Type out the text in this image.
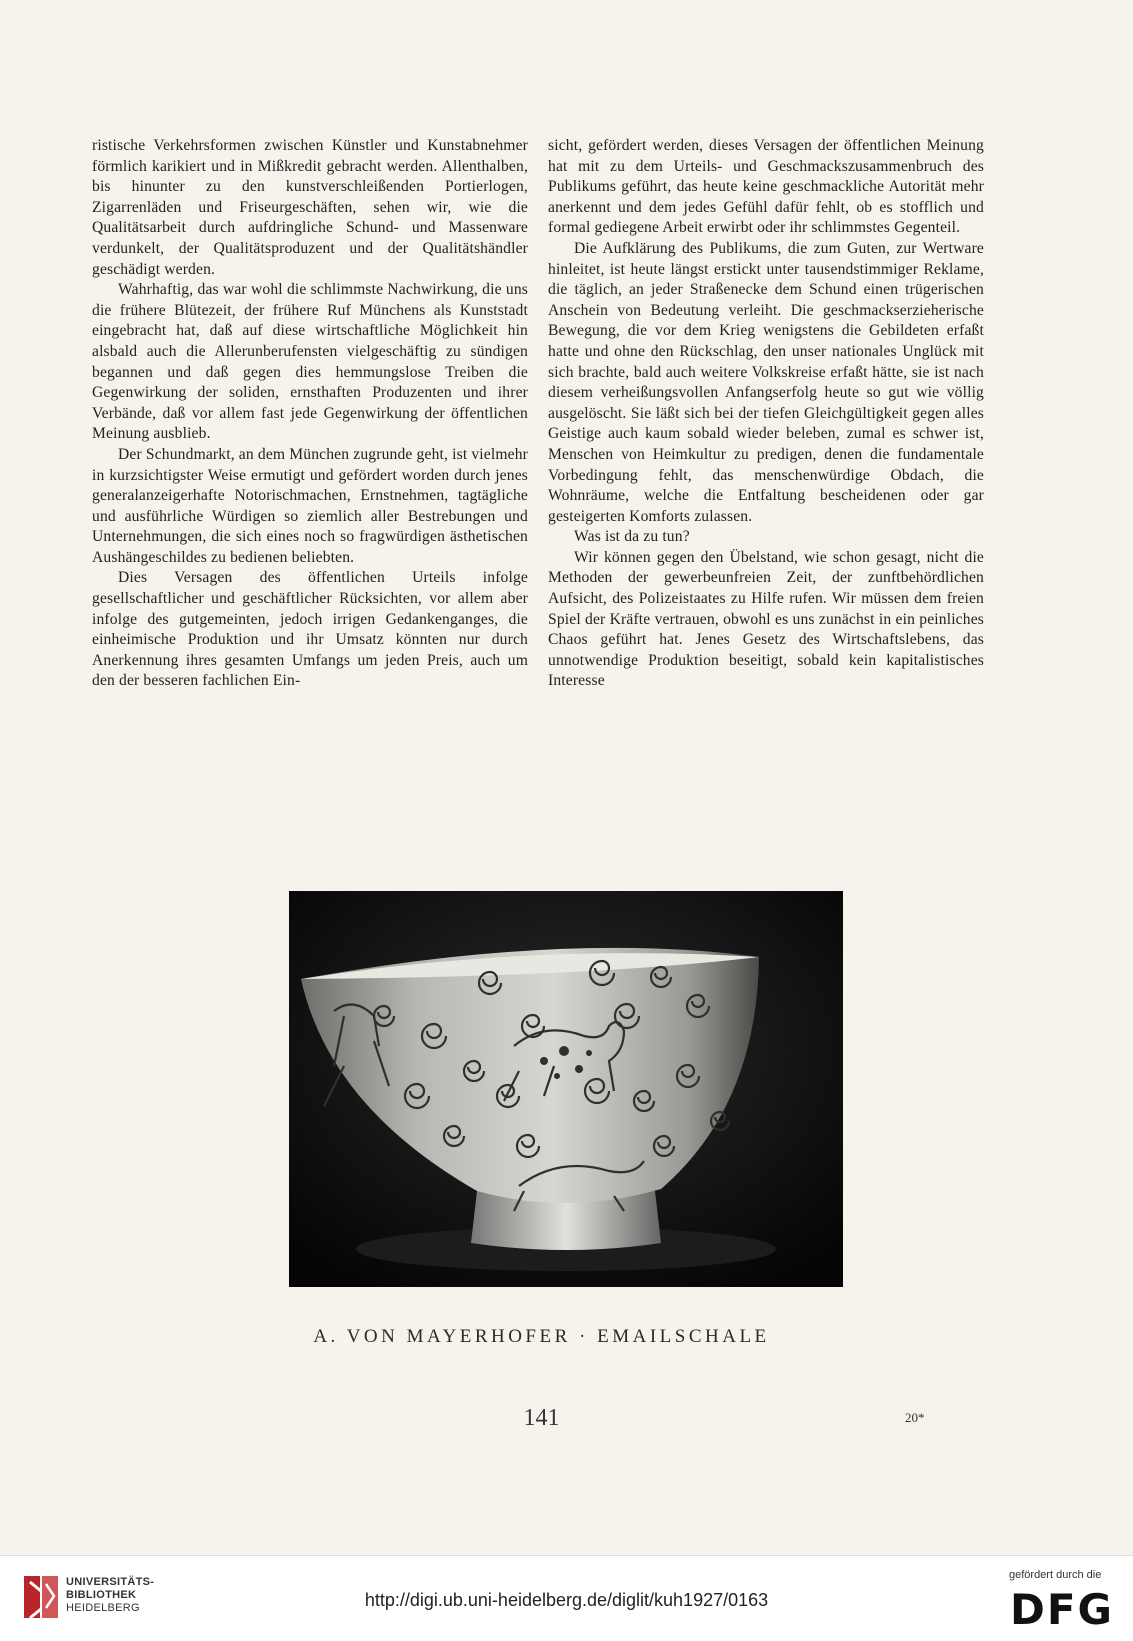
ristische Verkehrsformen zwischen Künstler und Kunstabnehmer förmlich karikiert und in Mißkredit gebracht werden. Allenthalben, bis hinunter zu den kunstverschleißenden Portierlogen, Zigarrenläden und Friseurgeschäften, sehen wir, wie die Qualitätsarbeit durch aufdringliche Schund- und Massenware verdunkelt, der Qualitätsproduzent und der Qualitätshändler geschädigt werden.

Wahrhaftig, das war wohl die schlimmste Nachwirkung, die uns die frühere Blütezeit, der frühere Ruf Münchens als Kunststadt eingebracht hat, daß auf diese wirtschaftliche Möglichkeit hin alsbald auch die Allerunberufensten vielgeschäftig zu sündigen begannen und daß gegen dies hemmungslose Treiben die Gegenwirkung der soliden, ernsthaften Produzenten und ihrer Verbände, daß vor allem fast jede Gegenwirkung der öffentlichen Meinung ausblieb.

Der Schundmarkt, an dem München zugrunde geht, ist vielmehr in kurzsichtigster Weise ermutigt und gefördert worden durch jenes generalanzeigerhafte Notorischmachen, Ernstnehmen, tagtägliche und ausführliche Würdigen so ziemlich aller Bestrebungen und Unternehmungen, die sich eines noch so fragwürdigen ästhetischen Aushängeschildes zu bedienen beliebten.

Dies Versagen des öffentlichen Urteils infolge gesellschaftlicher und geschäftlicher Rücksichten, vor allem aber infolge des gutgemeinten, jedoch irrigen Gedankenganges, die einheimische Produktion und ihr Umsatz könnten nur durch Anerkennung ihres gesamten Umfangs um jeden Preis, auch um den der besseren fachlichen Ein-

sicht, gefördert werden, dieses Versagen der öffentlichen Meinung hat mit zu dem Urteils- und Geschmackszusammenbruch des Publikums geführt, das heute keine geschmackliche Autorität mehr anerkennt und dem jedes Gefühl dafür fehlt, ob es stofflich und formal gediegene Arbeit erwirbt oder ihr schlimmstes Gegenteil.

Die Aufklärung des Publikums, die zum Guten, zur Wertware hinleitet, ist heute längst erstickt unter tausendstimmiger Reklame, die täglich, an jeder Straßenecke dem Schund einen trügerischen Anschein von Bedeutung verleiht. Die geschmackserzieherische Bewegung, die vor dem Krieg wenigstens die Gebildeten erfaßt hatte und ohne den Rückschlag, den unser nationales Unglück mit sich brachte, bald auch weitere Volkskreise erfaßt hätte, sie ist nach diesem verheißungsvollen Anfangserfolg heute so gut wie völlig ausgelöscht. Sie läßt sich bei der tiefen Gleichgültigkeit gegen alles Geistige auch kaum sobald wieder beleben, zumal es schwer ist, Menschen von Heimkultur zu predigen, denen die fundamentale Vorbedingung fehlt, das menschenwürdige Obdach, die Wohnräume, welche die Entfaltung bescheidenen oder gar gesteigerten Komforts zulassen.

Was ist da zu tun?

Wir können gegen den Übelstand, wie schon gesagt, nicht die Methoden der gewerbeunfreien Zeit, der zunftbehördlichen Aufsicht, des Polizeistaates zu Hilfe rufen. Wir müssen dem freien Spiel der Kräfte vertrauen, obwohl es uns zunächst in ein peinliches Chaos geführt hat. Jenes Gesetz des Wirtschaftslebens, das unnotwendige Produktion beseitigt, sobald kein kapitalistisches Interesse

A. VON MAYERHOFER · EMAILSCHALE
141	20*
UNIVERSITÄTS-
BIBLIOTHEK
HEIDELBERG	http://digi.ub.uni-heidelberg.de/diglit/kuh1927/0163
gefördert durch die
DFG
